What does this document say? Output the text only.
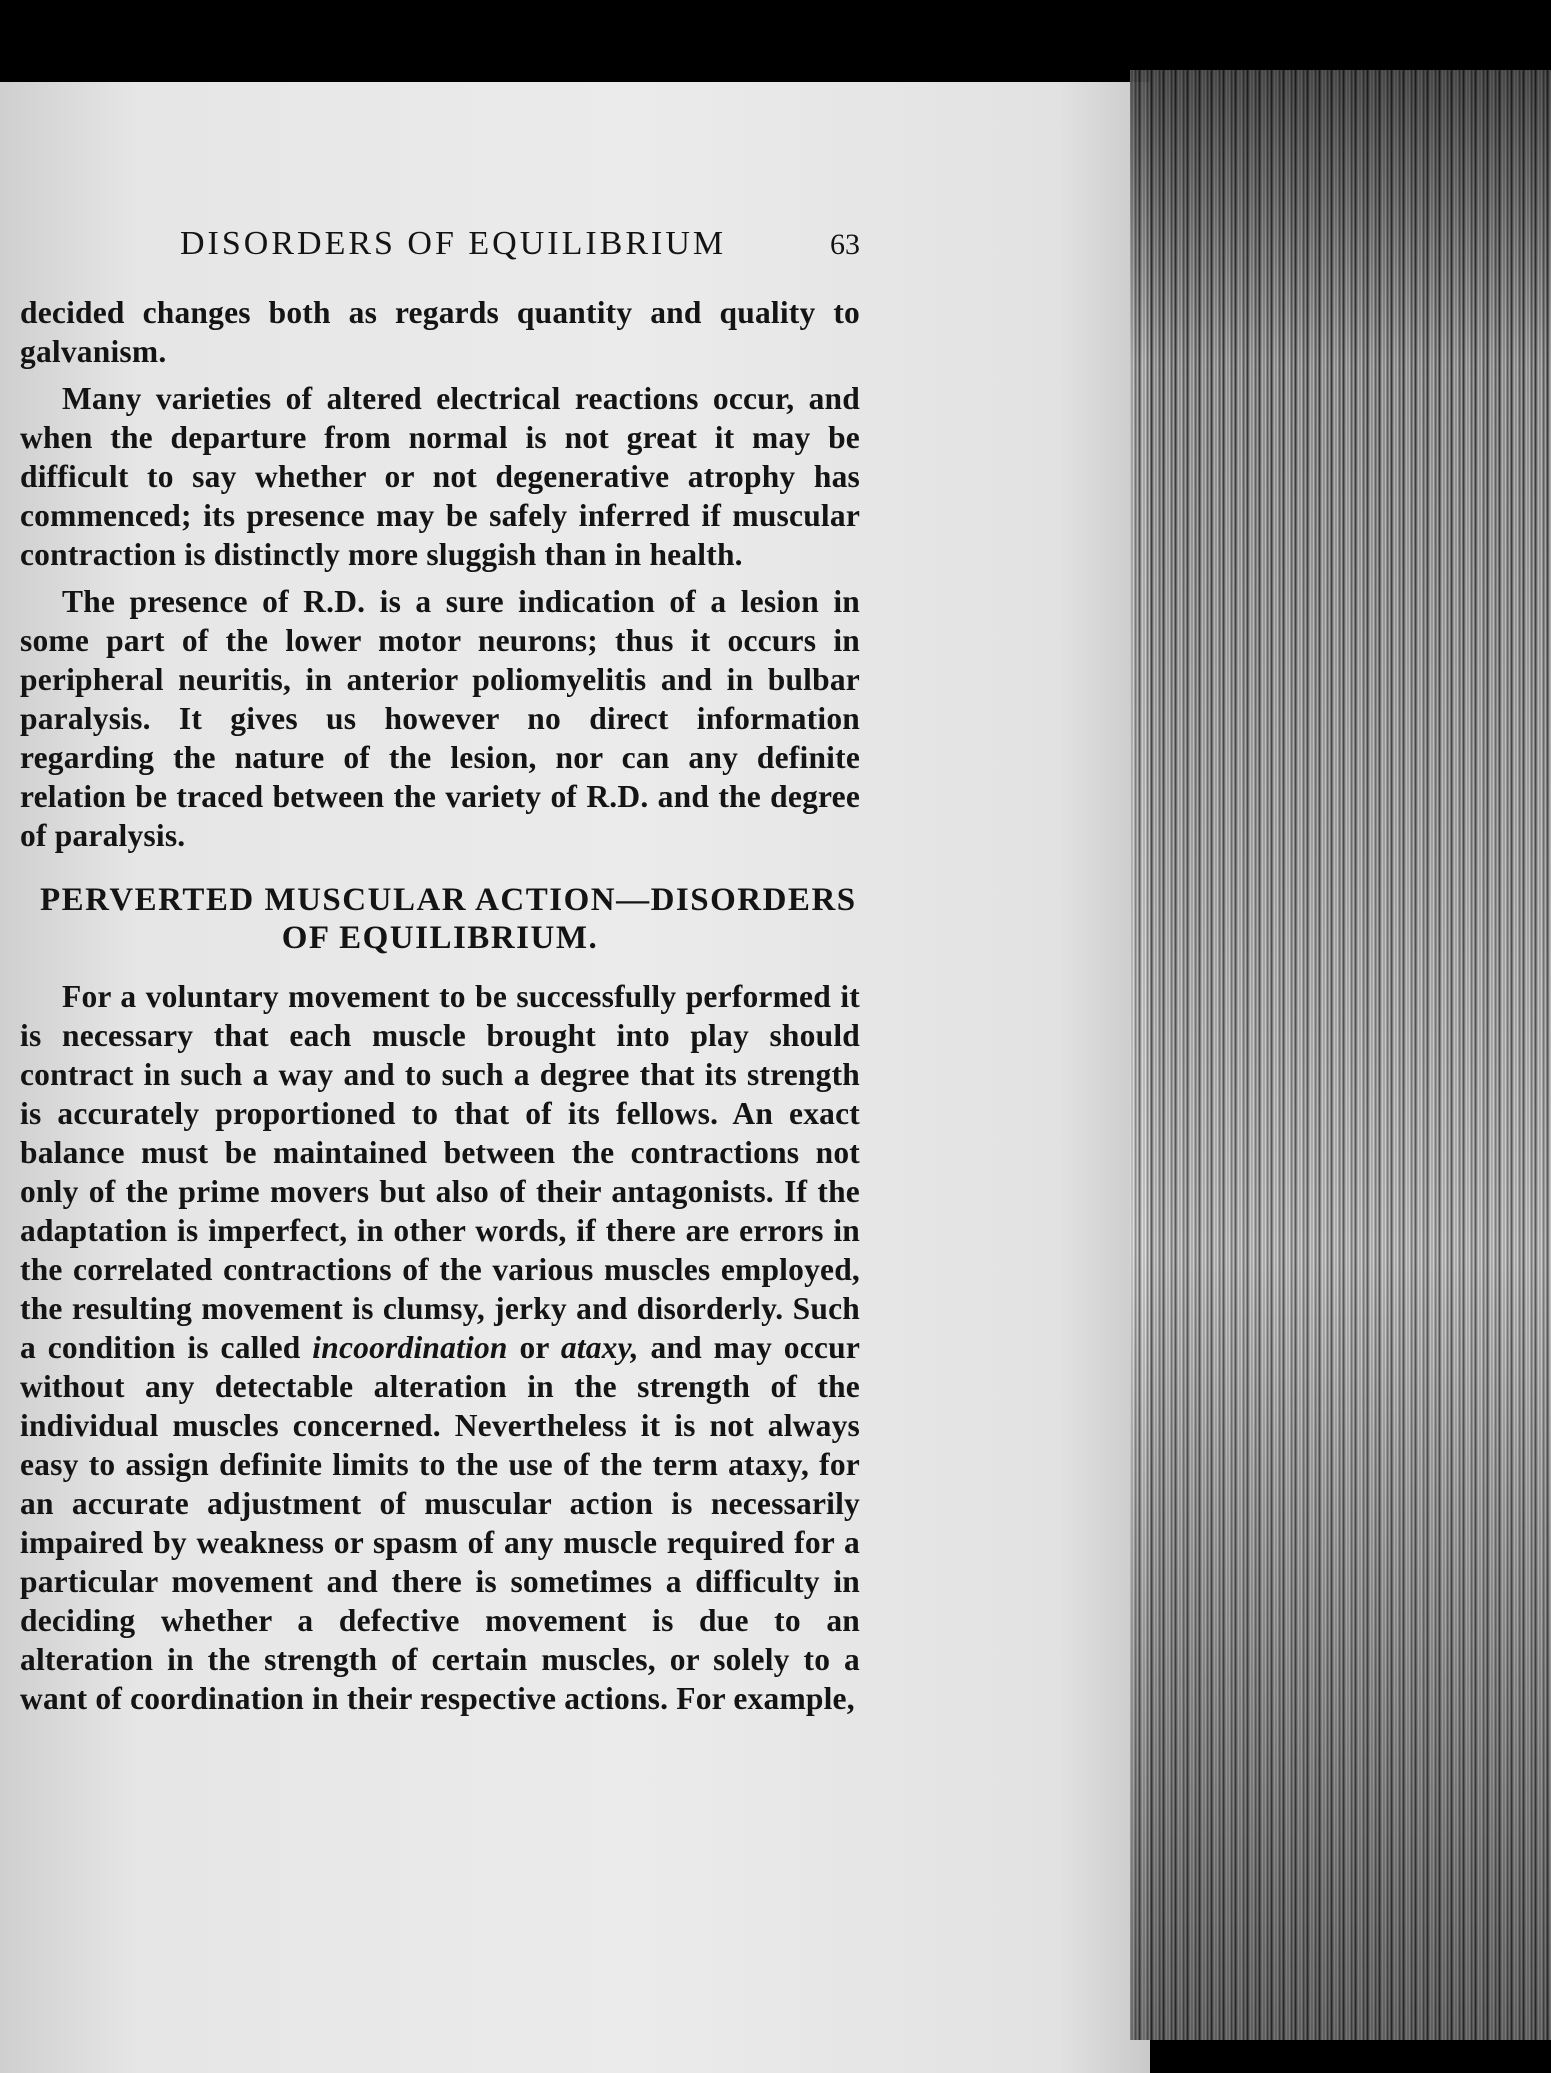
DISORDERS OF EQUILIBRIUM	63

decided changes both as regards quantity and quality to galvanism.

Many varieties of altered electrical reactions occur, and when the departure from normal is not great it may be difficult to say whether or not degenerative atrophy has commenced; its presence may be safely inferred if muscular contraction is distinctly more sluggish than in health.

The presence of R.D. is a sure indication of a lesion in some part of the lower motor neurons; thus it occurs in peripheral neuritis, in anterior poliomyelitis and in bulbar paralysis. It gives us however no direct information regarding the nature of the lesion, nor can any definite relation be traced between the variety of R.D. and the degree of paralysis.

PERVERTED MUSCULAR ACTION—DISORDERS
OF EQUILIBRIUM.

For a voluntary movement to be successfully performed it is necessary that each muscle brought into play should contract in such a way and to such a degree that its strength is accurately proportioned to that of its fellows. An exact balance must be maintained between the contractions not only of the prime movers but also of their antagonists. If the adaptation is imperfect, in other words, if there are errors in the correlated contractions of the various muscles employed, the resulting movement is clumsy, jerky and disorderly. Such a condition is called incoordination or ataxy, and may occur without any detectable alteration in the strength of the individual muscles concerned. Nevertheless it is not always easy to assign definite limits to the use of the term ataxy, for an accurate adjustment of muscular action is necessarily impaired by weakness or spasm of any muscle required for a particular movement and there is sometimes a difficulty in deciding whether a defective movement is due to an alteration in the strength of certain muscles, or solely to a want of coordination in their respective actions. For example,
